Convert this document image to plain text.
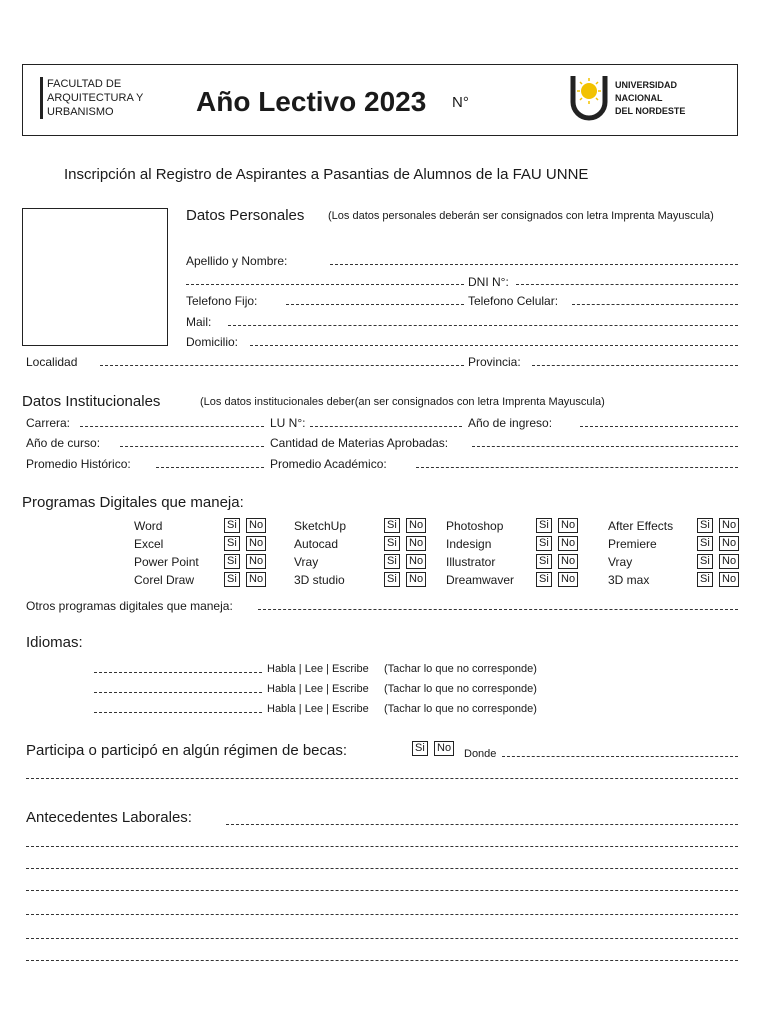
FACULTAD DE
ARQUITECTURA Y
URBANISMO	Año Lectivo 2023 N°
UNIVERSIDAD
NACIONAL
DEL NORDESTE
Inscripción al Registro de Aspirantes a Pasantias de Alumnos de la FAU UNNE
Datos Personales (Los datos personales deberán ser consignados con letra Imprenta Mayuscula)
Apellido y Nombre:
DNI N°:
Telefono Fijo:	Telefono Celular:
Mail:
Domicilio:
Localidad	Provincia:
Datos Institucionales	(Los datos institucionales deber(an ser consignados con letra Imprenta Mayuscula)
Carrera:	LU N°:	Año de ingreso:
Año de curso:	Cantidad de Materias Aprobadas:
Promedio Histórico:	Promedio Académico:
Programas Digitales que maneja:
Word	Si No
Excel	Si No
Power Point	Si No
Corel Draw	Si No
SketchUp	Si No
Autocad	Si No
Vray	Si No
3D studio	Si No
Photoshop	Si No
Indesign	Si No
Illustrator	Si No
Dreamwaver Si No
After Effects Si No
Premiere	Si No
Vray	Si No
3D max	Si No
Otros programas digitales que maneja:
Idiomas:
Habla | Lee | Escribe (Tachar lo que no corresponde)
Habla | Lee | Escribe (Tachar lo que no corresponde)
Habla | Lee | Escribe (Tachar lo que no corresponde)
Participa o participó en algún régimen de becas:	Si No Donde
Antecedentes Laborales:
